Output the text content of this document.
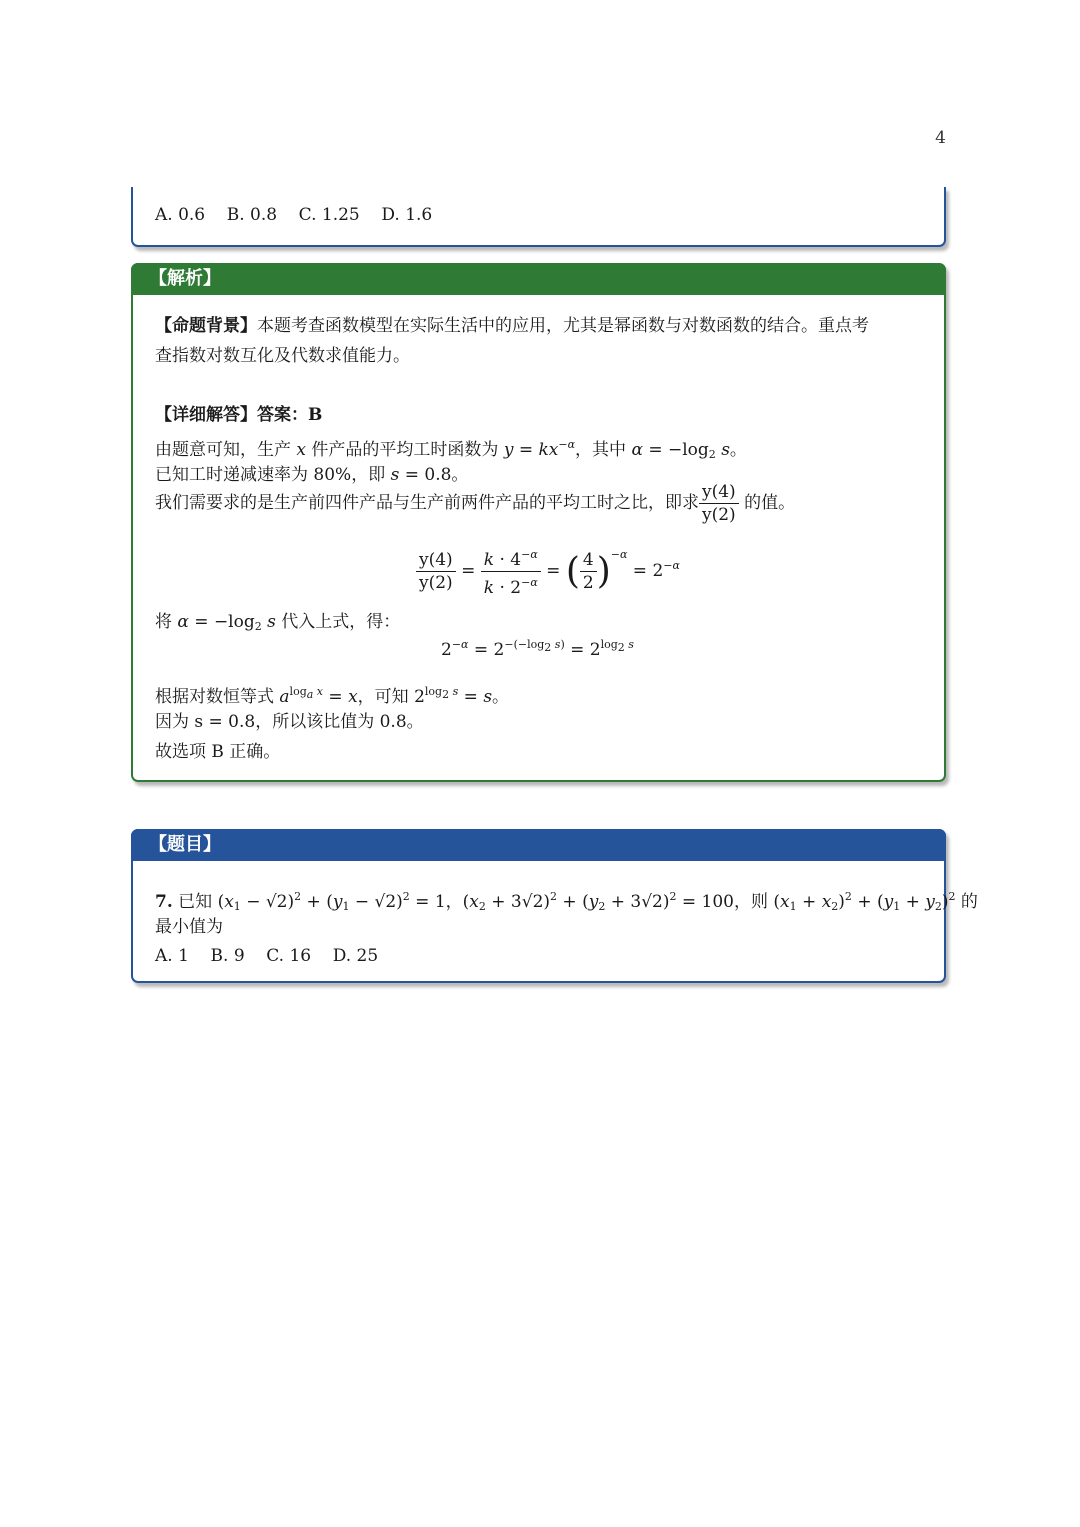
4
A. 0.6    B. 0.8    C. 1.25    D. 1.6
【解析】
【命题背景】本题考查函数模型在实际生活中的应用，尤其是幂函数与对数函数的结合。重点考
查指数对数互化及代数求值能力。
【详细解答】答案：B
由题意可知，生产 x 件产品的平均工时函数为 $y = kx^{-\alpha}$，其中 $\alpha = -\log_2$ s。
已知工时递减速率为 80%，即 s = 0.8。
我们需要求的是生产前四件产品与生产前两件产品的平均工时之比，即求 $\frac{y(4)}{y(2)}$ 的值。
$\frac{y(4)}{y(2)} = \frac{k \cdot 4^{-\alpha}}{k \cdot 2^{-\alpha}}$ = ( $\frac{4}{2} )^{-\alpha} = 2^{-\alpha}$
将 $\alpha = -\log_2$ s 代入上式，得：
$2^{-\alpha} = 2^{-(-log_2 s)} = 2^{log_2 s}$
根据对数恒等式 $a^{log_a x} = x$，可知 $2^{log_2 s} = s$。
因为 s = 0.8，所以该比值为 0.8。
故选项 B 正确。
【题目】
7. 已知 $(x_1 - √2)^2 + (y_1 - √2)^2 = 1$，$(x_2 + 3√2)^2 + (y_2 + 3√2)^2 = 100$，则 $(x_1 + x_2)^2 + (y_1 + y_2)^2$ 的
最小值为
A. 1    B. 9    C. 16    D. 25
